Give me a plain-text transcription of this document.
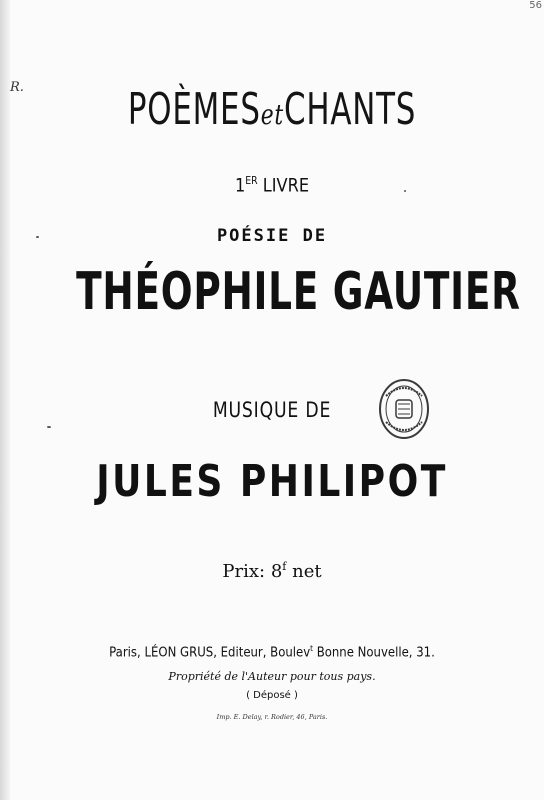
R.
56
POÈMESetCHANTS
1ER LIVRE
POÉSIE DE
THÉOPHILE GAUTIER
MUSIQUE DE
JULES PHILIPOT
Prix: 8$^f$ net
Paris, LÉON GRUS, Editeur, Boulev$^t$ Bonne Nouvelle, 31.
Propriété de l'Auteur pour tous pays.
( Déposé )
Imp. E. Delay, r. Rodier, 46, Paris.
